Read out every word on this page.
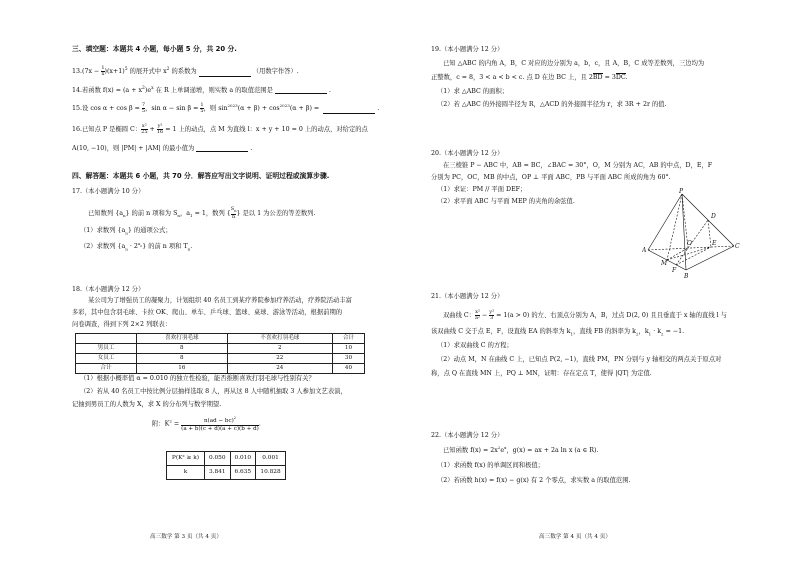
三、填空题：本题共 4 小题，每小题 5 分，共 20 分.
$13.(7x - \frac{1}{x} )(x+1)^5$ 的展开式中 $x^2$ 的系数为	（用数字作答）.
14.若函数 $f(x) = (a + x^2)e^x$ 在 R 上单调递增，则实数 a 的取值范围是	.
15.设 $\cos \alpha + \cos \beta = \frac{7}{5}$ ，$\sin \alpha - \sin \beta = \frac{1}{5}$ ，则 $\sin^{2023}(\alpha + \beta) + \cos^{2023}(\alpha + \beta)$ =	.
16.已知点 P 是椭圆 C： $\frac{\text{x²}}{25} + \frac{\text{y²}}{16} = 1$ 上的动点，点 M 为直线 l：x + y + 10 = 0 上的动点，对给定的点
A(10, −10)，则 |PM| + |AM| 的最小值为	.
四、解答题：本题共 6 小题，共 70 分．解答应写出文字说明、证明过程或演算步骤.
17.（本小题满分 10 分）
已知数列 $\{a_n\}$ 的前 n 项和为 $S_n$，$a_1 = 1$，数列 { $\frac{S_n}{n}$ } 是以 1 为公差的等差数列.
（1）求数列 $\{a_n\}$ 的通项公式；
（2）求数列 $\{a_n \cdot 2^{a_n}\}$ 的前 n 项和 $T_n$.
18.（本小题满分 12 分）
某公司为了增强员工的凝聚力，计划组织 40 名员工到某疗养院参加疗养活动，疗养院活动丰富
多彩，其中包含羽毛球、卡拉 OK、爬山、单车、乒乓球、篮球、桌球、游泳等活动，根据前期的
问卷调查，得到下列 2×2 列联表：
	喜欢打羽毛球	不喜欢打羽毛球	合计
男员工	8	2	10
女员工	8	22	30
合计	16	24	40
（1）根据小概率值 α = 0.010 的独立性检验，能否推断喜欢打羽毛球与性别有关？
（2）若从 40 名员工中按比例分层抽样选取 8 人，再从这 8 人中随机抽取 3 人参加文艺表演，
记抽到男员工的人数为 X，求 X 的分布列与数学期望.
附：$K^2 = \frac{n(ad - bc)^2}{(a + b)(c + d)(a + c)(b + d)}$ .
P(K² ≥ k)	0.050	0.010	0.001
k	3.841	6.635	10.828
高三数学 第 3 页（共 4 页）
19.（本小题满分 12 分）
已知 △ABC 的内角 A，B，C 对应的边分别为 a，b，c，且 A，B，C 成等差数列，三边均为
正整数，c = 8，3 < a < b < c. 点 D 在边 BC 上，且 2BD = 3DC.
（1）求 △ABC 的面积；
（2）若 △ABC 的外接圆半径为 R，△ACD 的外接圆半径为 r，求 3R + 2r 的值.
20.（本小题满分 12 分）
在三棱锥 P − ABC 中，AB = BC，∠BAC = 30°，O，M 分别为 AC，AB 的中点，D，E，F
分别为 PC，OC，MB 的中点，OP ⊥ 平面 ABC，PB 与平面 ABC 所成的角为 60°.
（1）求证：PM // 平面 DEF；
（2）求平面 ABC 与平面 MEP 的夹角的余弦值.
P
D
A
O	E	C
M
F
B
21.（本小题满分 12 分）
双曲线 C： $\frac{\text{x²}}{\text{a²}} - \frac{\text{y²}}{3} = 1(a > 0)$ 的左、右顶点分别为 A，B，过点 D(2, 0) 且且垂直于 x 轴的直线 l 与
该双曲线 C 交于点 E，F，设直线 EA 的斜率为 $k_1$，直线 FB 的斜率为 $k_2$，$k_1 \cdot k_2 = -1$.
（1）求双曲线 C 的方程；
（2）动点 M，N 在曲线 C 上，已知点 P(2, −1)，直线 PM，PN 分别与 y 轴相交的两点关于原点对
称，点 Q 在直线 MN 上，PQ ⊥ MN，证明：存在定点 T，使得 |QT| 为定值.
22.（本小题满分 12 分）
已知函数 $f(x) = 2x^2e^x$，g(x) = ax + 2a ln x (a ∈ R).
（1）求函数 f(x) 的单调区间和极值；
（2）若函数 h(x) = f(x) − g(x) 有 2 个零点，求实数 a 的取值范围.
高三数学 第 4 页（共 4 页）
